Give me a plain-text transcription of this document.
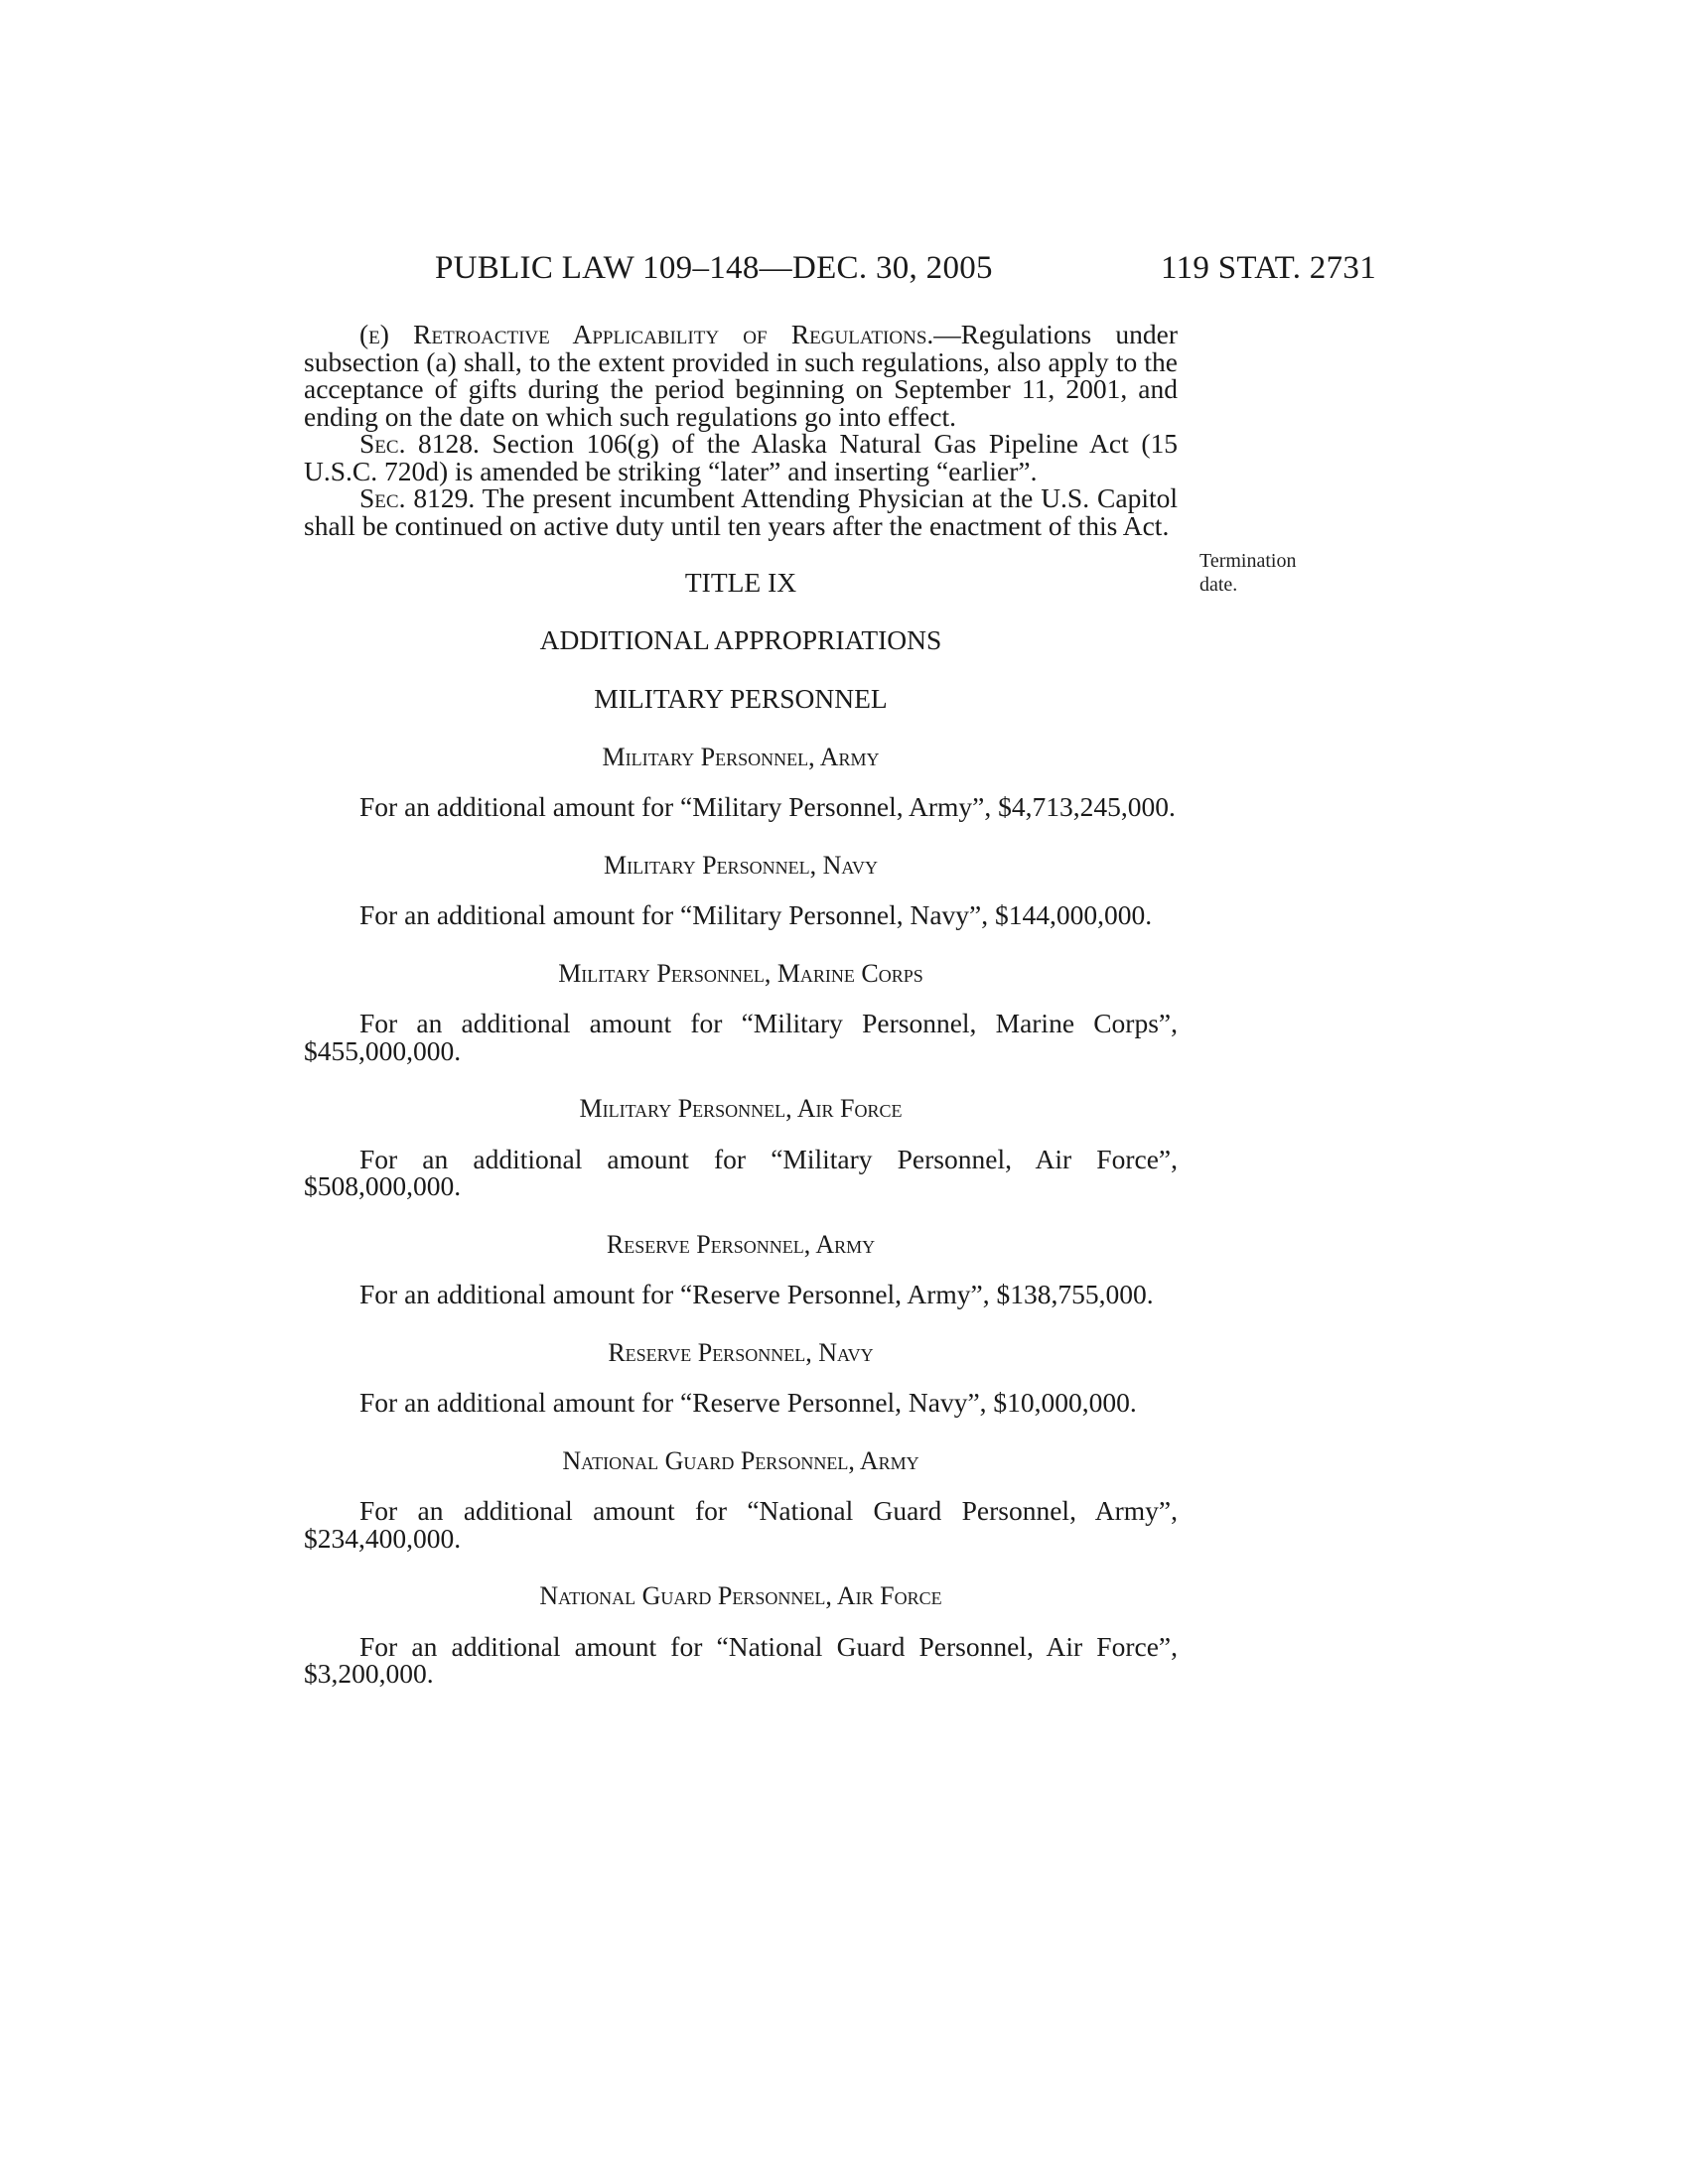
PUBLIC LAW 109–148—DEC. 30, 2005	119 STAT. 2731
Termination
date.

(e) Retroactive Applicability of Regulations.—Regulations under subsection (a) shall, to the extent provided in such regulations, also apply to the acceptance of gifts during the period beginning on September 11, 2001, and ending on the date on which such regulations go into effect.

Sec. 8128. Section 106(g) of the Alaska Natural Gas Pipeline Act (15 U.S.C. 720d) is amended be striking “later” and inserting “earlier”.

Sec. 8129. The present incumbent Attending Physician at the U.S. Capitol shall be continued on active duty until ten years after the enactment of this Act.

TITLE IX

ADDITIONAL APPROPRIATIONS

MILITARY PERSONNEL

Military Personnel, Army

For an additional amount for “Military Personnel, Army”, $4,713,245,000.

Military Personnel, Navy

For an additional amount for “Military Personnel, Navy”, $144,000,000.

Military Personnel, Marine Corps

For an additional amount for “Military Personnel, Marine Corps”, $455,000,000.

Military Personnel, Air Force

For an additional amount for “Military Personnel, Air Force”, $508,000,000.

Reserve Personnel, Army

For an additional amount for “Reserve Personnel, Army”, $138,755,000.

Reserve Personnel, Navy

For an additional amount for “Reserve Personnel, Navy”, $10,000,000.

National Guard Personnel, Army

For an additional amount for “National Guard Personnel, Army”, $234,400,000.

National Guard Personnel, Air Force

For an additional amount for “National Guard Personnel, Air Force”, $3,200,000.
